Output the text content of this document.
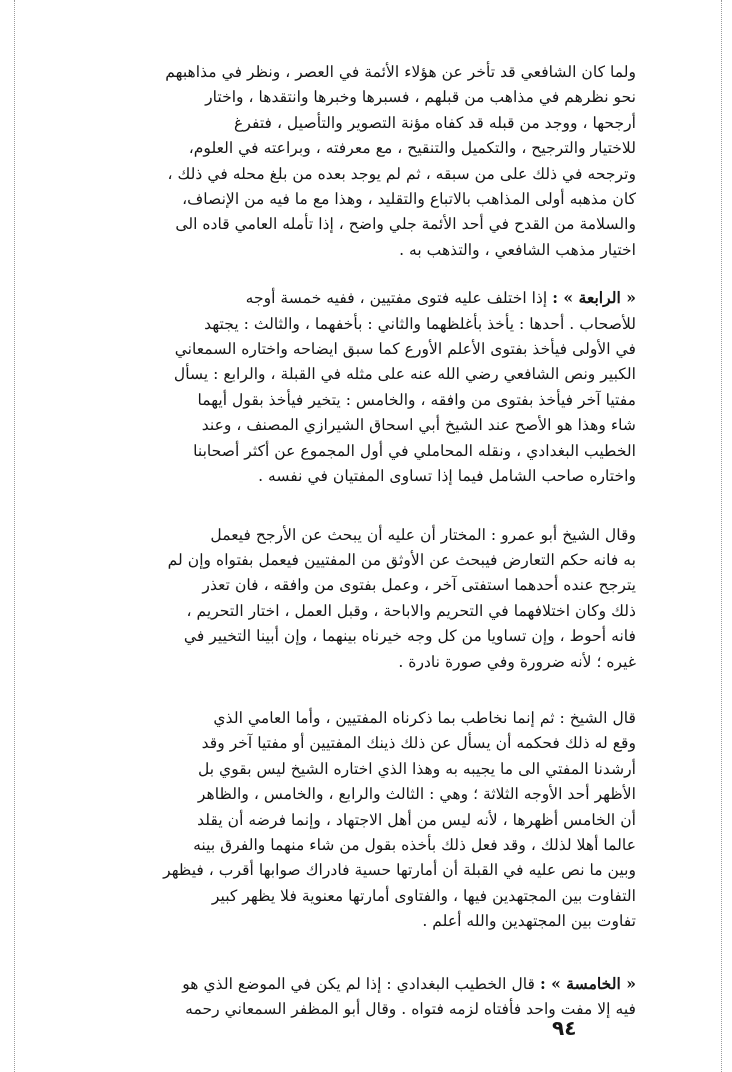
ولما كان الشافعي قد تأخر عن هؤلاء الأئمة في العصر ، ونظر في مذاهبهم
نحو نظرهم في مذاهب من قبلهم ، فسبرها وخبرها وانتقدها ، واختار
أرجحها ، ووجد من قبله قد كفاه مؤنة التصوير والتأصيل ، فتفرغ
للاختيار والترجيح ، والتكميل والتنقيح ، مع معرفته ، وبراعته في العلوم،
وترجحه في ذلك على من سبقه ، ثم لم يوجد بعده من بلغ محله في ذلك ،
كان مذهبه أولى المذاهب بالاتباع والتقليد ، وهذا مع ما فيه من الإنصاف،
والسلامة من القدح في أحد الأئمة جلي واضح ، إذا تأمله العامي قاده الى
اختيار مذهب الشافعي ، والتذهب به .
« الرابعة » : إذا اختلف عليه فتوى مفتيين ، ففيه خمسة أوجه
للأصحاب . أحدها : يأخذ بأغلظهما والثاني : بأخفهما ، والثالث : يجتهد
في الأولى فيأخذ بفتوى الأعلم الأورع كما سبق ايضاحه واختاره السمعاني
الكبير ونص الشافعي رضي الله عنه على مثله في القبلة ، والرابع : يسأل
مفتيا آخر فيأخذ بفتوى من وافقه ، والخامس : يتخير فيأخذ بقول أيهما
شاء وهذا هو الأصح عند الشيخ أبي اسحاق الشيرازي المصنف ، وعند
الخطيب البغدادي ، ونقله المحاملي في أول المجموع عن أكثر أصحابنا
واختاره صاحب الشامل فيما إذا تساوى المفتيان في نفسه .
وقال الشيخ أبو عمرو : المختار أن عليه أن يبحث عن الأرجح فيعمل
به فانه حكم التعارض فيبحث عن الأوثق من المفتيين فيعمل بفتواه وإن لم
يترجح عنده أحدهما استفتى آخر ، وعمل بفتوى من وافقه ، فان تعذر
ذلك وكان اختلافهما في التحريم والاباحة ، وقبل العمل ، اختار التحريم ،
فانه أحوط ، وإن تساويا من كل وجه خيرناه بينهما ، وإن أبينا التخيير في
غيره ؛ لأنه ضرورة وفي صورة نادرة .
قال الشيخ : ثم إنما نخاطب بما ذكرناه المفتيين ، وأما العامي الذي
وقع له ذلك فحكمه أن يسأل عن ذلك ذينك المفتيين أو مفتيا آخر وقد
أرشدنا المفتي الى ما يجيبه به وهذا الذي اختاره الشيخ ليس بقوي بل
الأظهر أحد الأوجه الثلاثة ؛ وهي : الثالث والرابع ، والخامس ، والظاهر
أن الخامس أظهرها ، لأنه ليس من أهل الاجتهاد ، وإنما فرضه أن يقلد
عالما أهلا لذلك ، وقد فعل ذلك بأخذه بقول من شاء منهما والفرق بينه
وبين ما نص عليه في القبلة أن أمارتها حسية فادراك صوابها أقرب ، فيظهر
التفاوت بين المجتهدين فيها ، والفتاوى أمارتها معنوية فلا يظهر كبير
تفاوت بين المجتهدين والله أعلم .
« الخامسة » : قال الخطيب البغدادي : إذا لم يكن في الموضع الذي هو
فيه إلا مفت واحد فأفتاه لزمه فتواه . وقال أبو المظفر السمعاني رحمه
٩٤
